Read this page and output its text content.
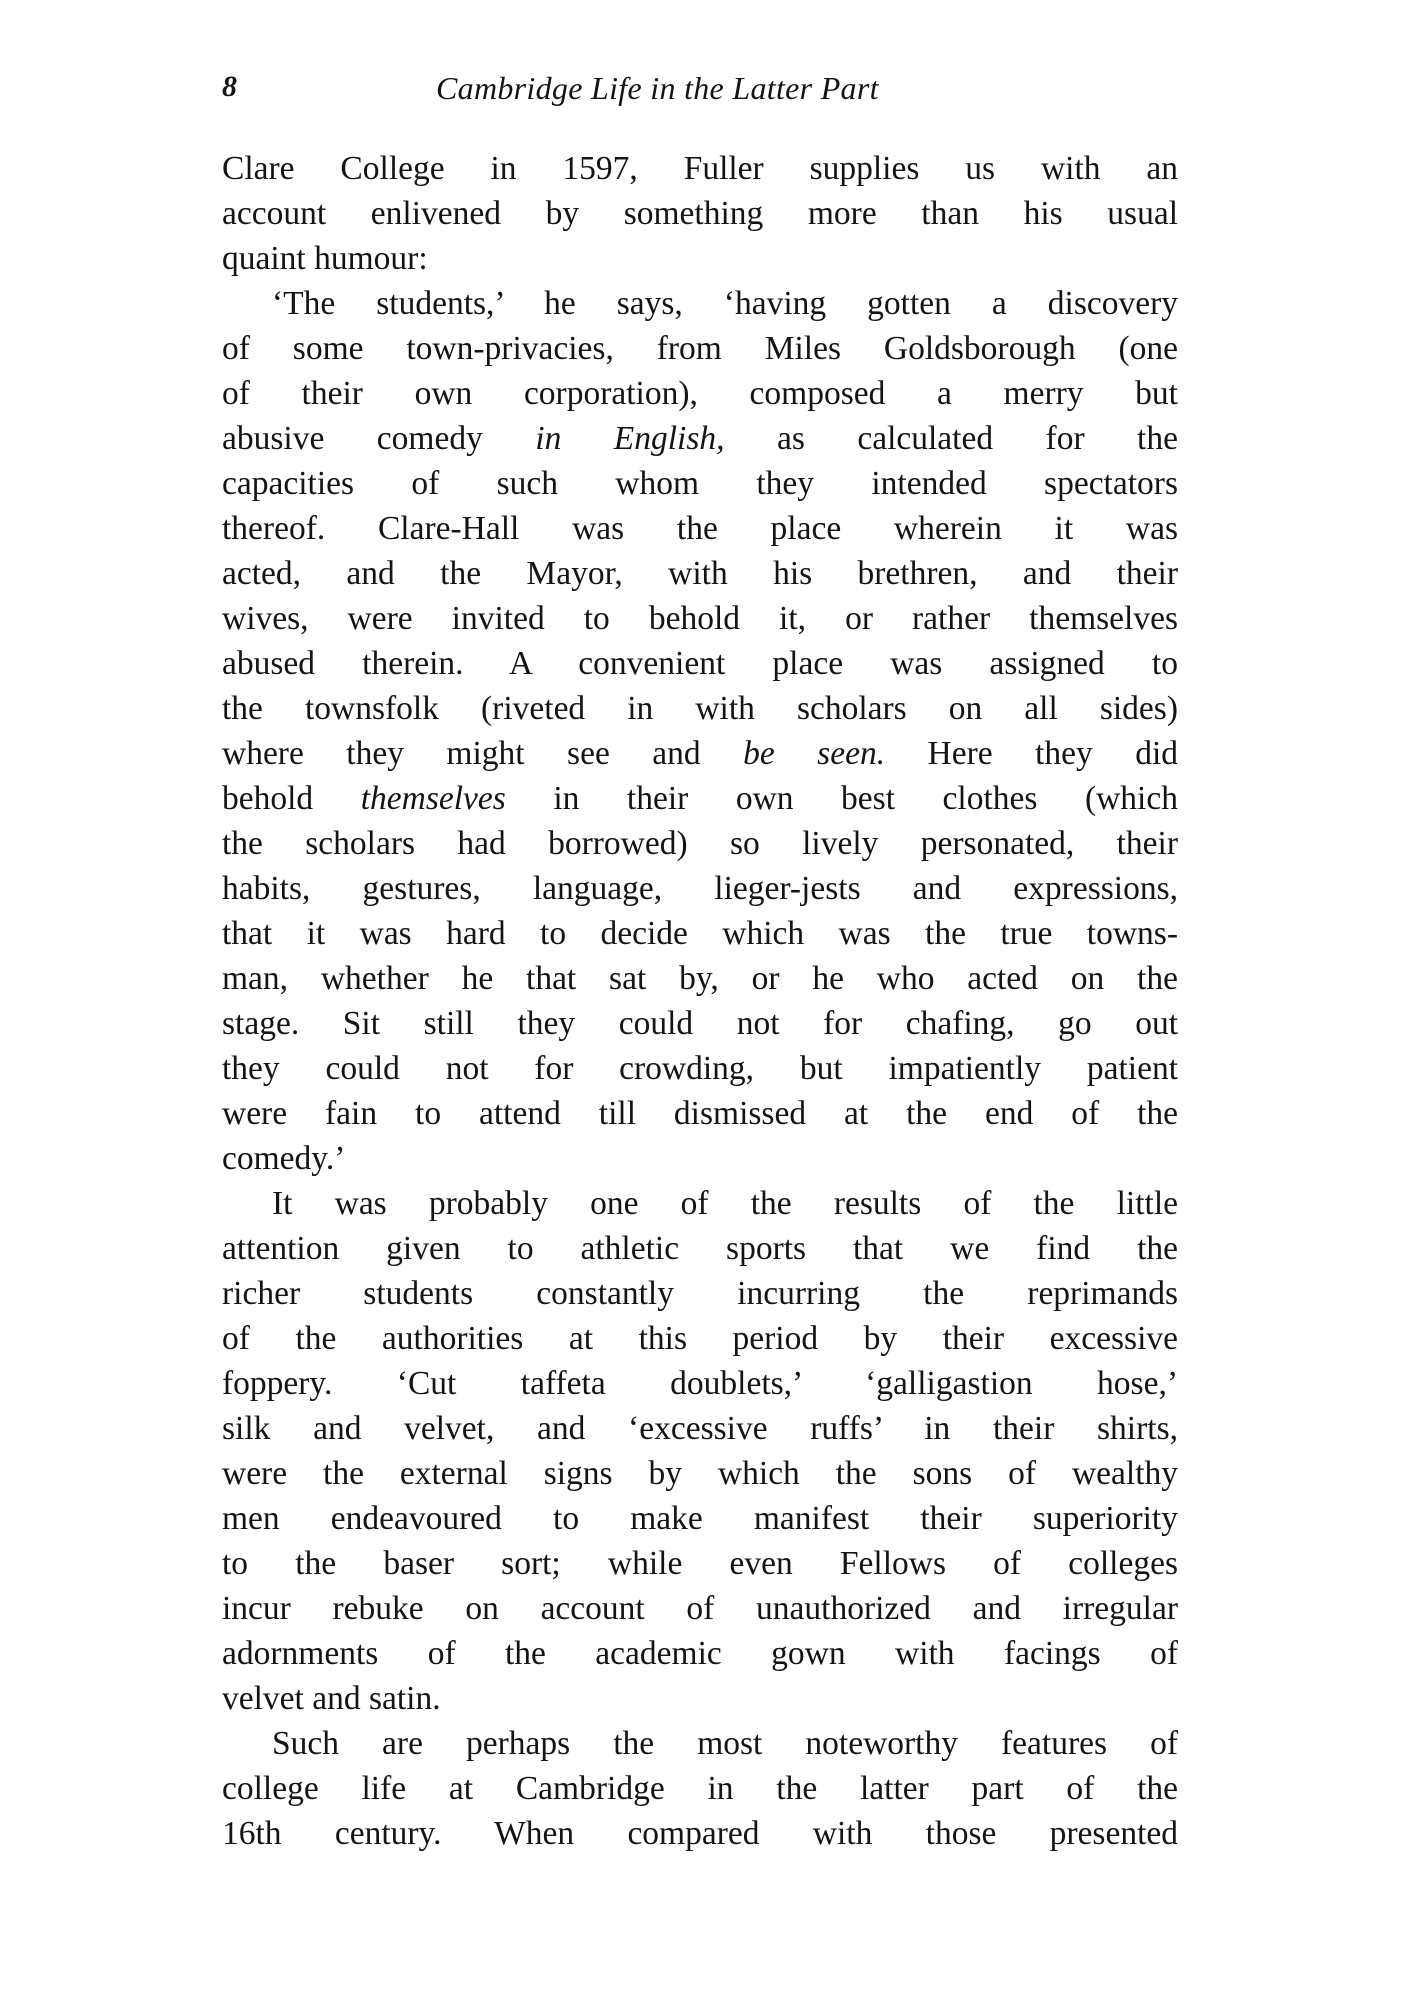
8	Cambridge Life in the Latter Part
Clare College in 1597, Fuller supplies us with an
account enlivened by something more than his usual
quaint humour:
‘The students,’ he says, ‘having gotten a discovery
of some town-privacies, from Miles Goldsborough (one
of their own corporation), composed a merry but
abusive comedy in English, as calculated for the
capacities of such whom they intended spectators
thereof. Clare-Hall was the place wherein it was
acted, and the Mayor, with his brethren, and their
wives, were invited to behold it, or rather themselves
abused therein. A convenient place was assigned to
the townsfolk (riveted in with scholars on all sides)
where they might see and be seen. Here they did
behold themselves in their own best clothes (which
the scholars had borrowed) so lively personated, their
habits, gestures, language, lieger-jests and expressions,
that it was hard to decide which was the true towns-
man, whether he that sat by, or he who acted on the
stage. Sit still they could not for chafing, go out
they could not for crowding, but impatiently patient
were fain to attend till dismissed at the end of the
comedy.’
It was probably one of the results of the little
attention given to athletic sports that we find the
richer students constantly incurring the reprimands
of the authorities at this period by their excessive
foppery. ‘Cut taffeta doublets,’ ‘galligastion hose,’
silk and velvet, and ‘excessive ruffs’ in their shirts,
were the external signs by which the sons of wealthy
men endeavoured to make manifest their superiority
to the baser sort; while even Fellows of colleges
incur rebuke on account of unauthorized and irregular
adornments of the academic gown with facings of
velvet and satin.
Such are perhaps the most noteworthy features of
college life at Cambridge in the latter part of the
16th century. When compared with those presented
